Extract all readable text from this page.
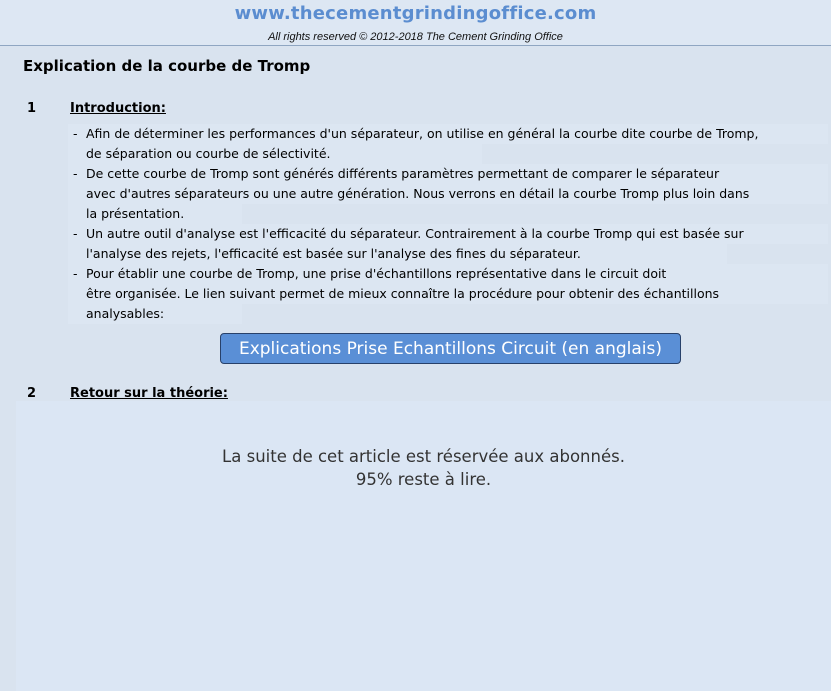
www.thecementgrindingoffice.com
All rights reserved © 2012-2018 The Cement Grinding Office
Explication de la courbe de Tromp
1	Introduction:
- Afin de déterminer les performances d'un séparateur, on utilise en général la courbe dite courbe de Tromp,
de séparation ou courbe de sélectivité.
- De cette courbe de Tromp sont générés différents paramètres permettant de comparer le séparateur
avec d'autres séparateurs ou une autre génération. Nous verrons en détail la courbe Tromp plus loin dans
la présentation.
- Un autre outil d'analyse est l'efficacité du séparateur. Contrairement à la courbe Tromp qui est basée sur
l'analyse des rejets, l'efficacité est basée sur l'analyse des fines du séparateur.
- Pour établir une courbe de Tromp, une prise d'échantillons représentative dans le circuit doit
être organisée. Le lien suivant permet de mieux connaître la procédure pour obtenir des échantillons
analysables:
Explications Prise Echantillons Circuit (en anglais)
2	Retour sur la théorie:
La suite de cet article est réservée aux abonnés.
95% reste à lire.
